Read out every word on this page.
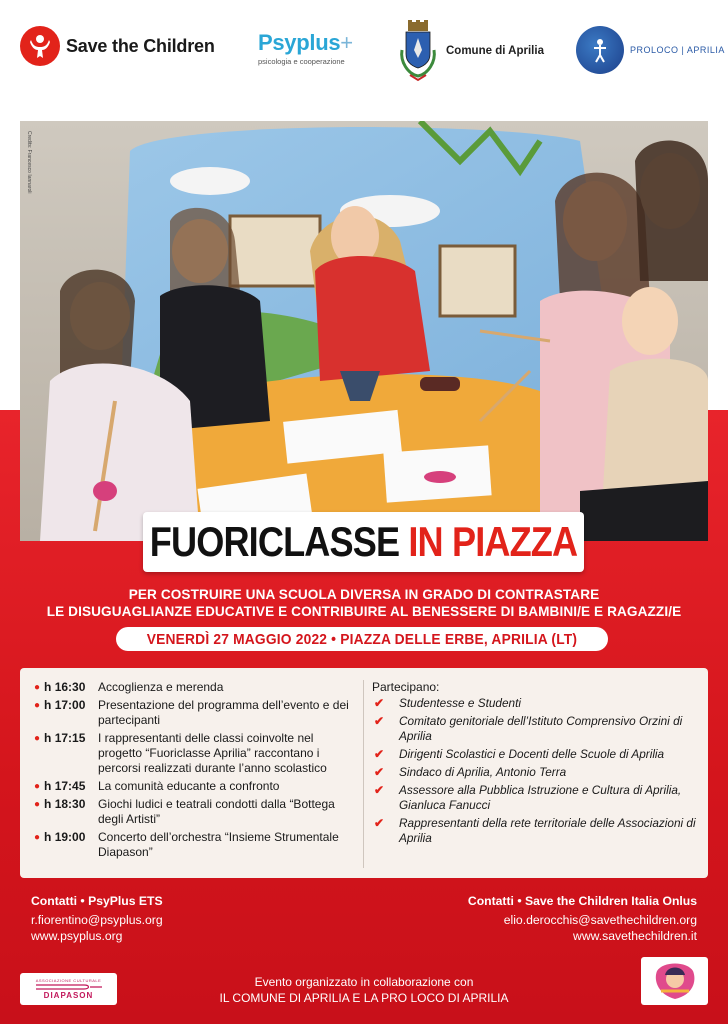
Save the Children Psyplus+
psicologia e cooperazione
Comune di Aprilia	PROLOCO | APRILIA
Credits: Francesco Iannaroli
FUORICLASSE IN PIAZZA
PER COSTRUIRE UNA SCUOLA DIVERSA IN GRADO DI CONTRASTARE
LE DISUGUAGLIANZE EDUCATIVE E CONTRIBUIRE AL BENESSERE DI BAMBINI/E E RAGAZZI/E
VENERDÌ 27 MAGGIO 2022 • PIAZZA DELLE ERBE, APRILIA (LT)
● h 16:30 Accoglienza e merenda
● h 17:00 Presentazione del programma dell’evento e dei partecipanti
● h 17:15 I rappresentanti delle classi coinvolte nel progetto “Fuoriclasse Aprilia” raccontano i percorsi realizzati durante l’anno scolastico
● h 17:45 La comunità educante a confronto
● h 18:30 Giochi ludici e teatrali condotti dalla “Bottega degli Artisti”
● h 19:00 Concerto dell’orchestra “Insieme Strumentale Diapason”
Partecipano:
✔	Studentesse e Studenti
✔	Comitato genitoriale dell’Istituto Comprensivo Orzini di Aprilia
✔	Dirigenti Scolastici e Docenti delle Scuole di Aprilia
✔	Sindaco di Aprilia, Antonio Terra
✔	Assessore alla Pubblica Istruzione e Cultura di Aprilia, Gianluca Fanucci
✔	Rappresentanti della rete territoriale delle Associazioni di Aprilia
Contatti • PsyPlus ETS
r.fiorentino@psyplus.org
www.psyplus.org
Contatti • Save the Children Italia Onlus
elio.derocchis@savethechildren.org
www.savethechildren.it
ASSOCIAZIONE CULTURALE
DIAPASON
Evento organizzato in collaborazione con
IL COMUNE DI APRILIA E LA PRO LOCO DI APRILIA
